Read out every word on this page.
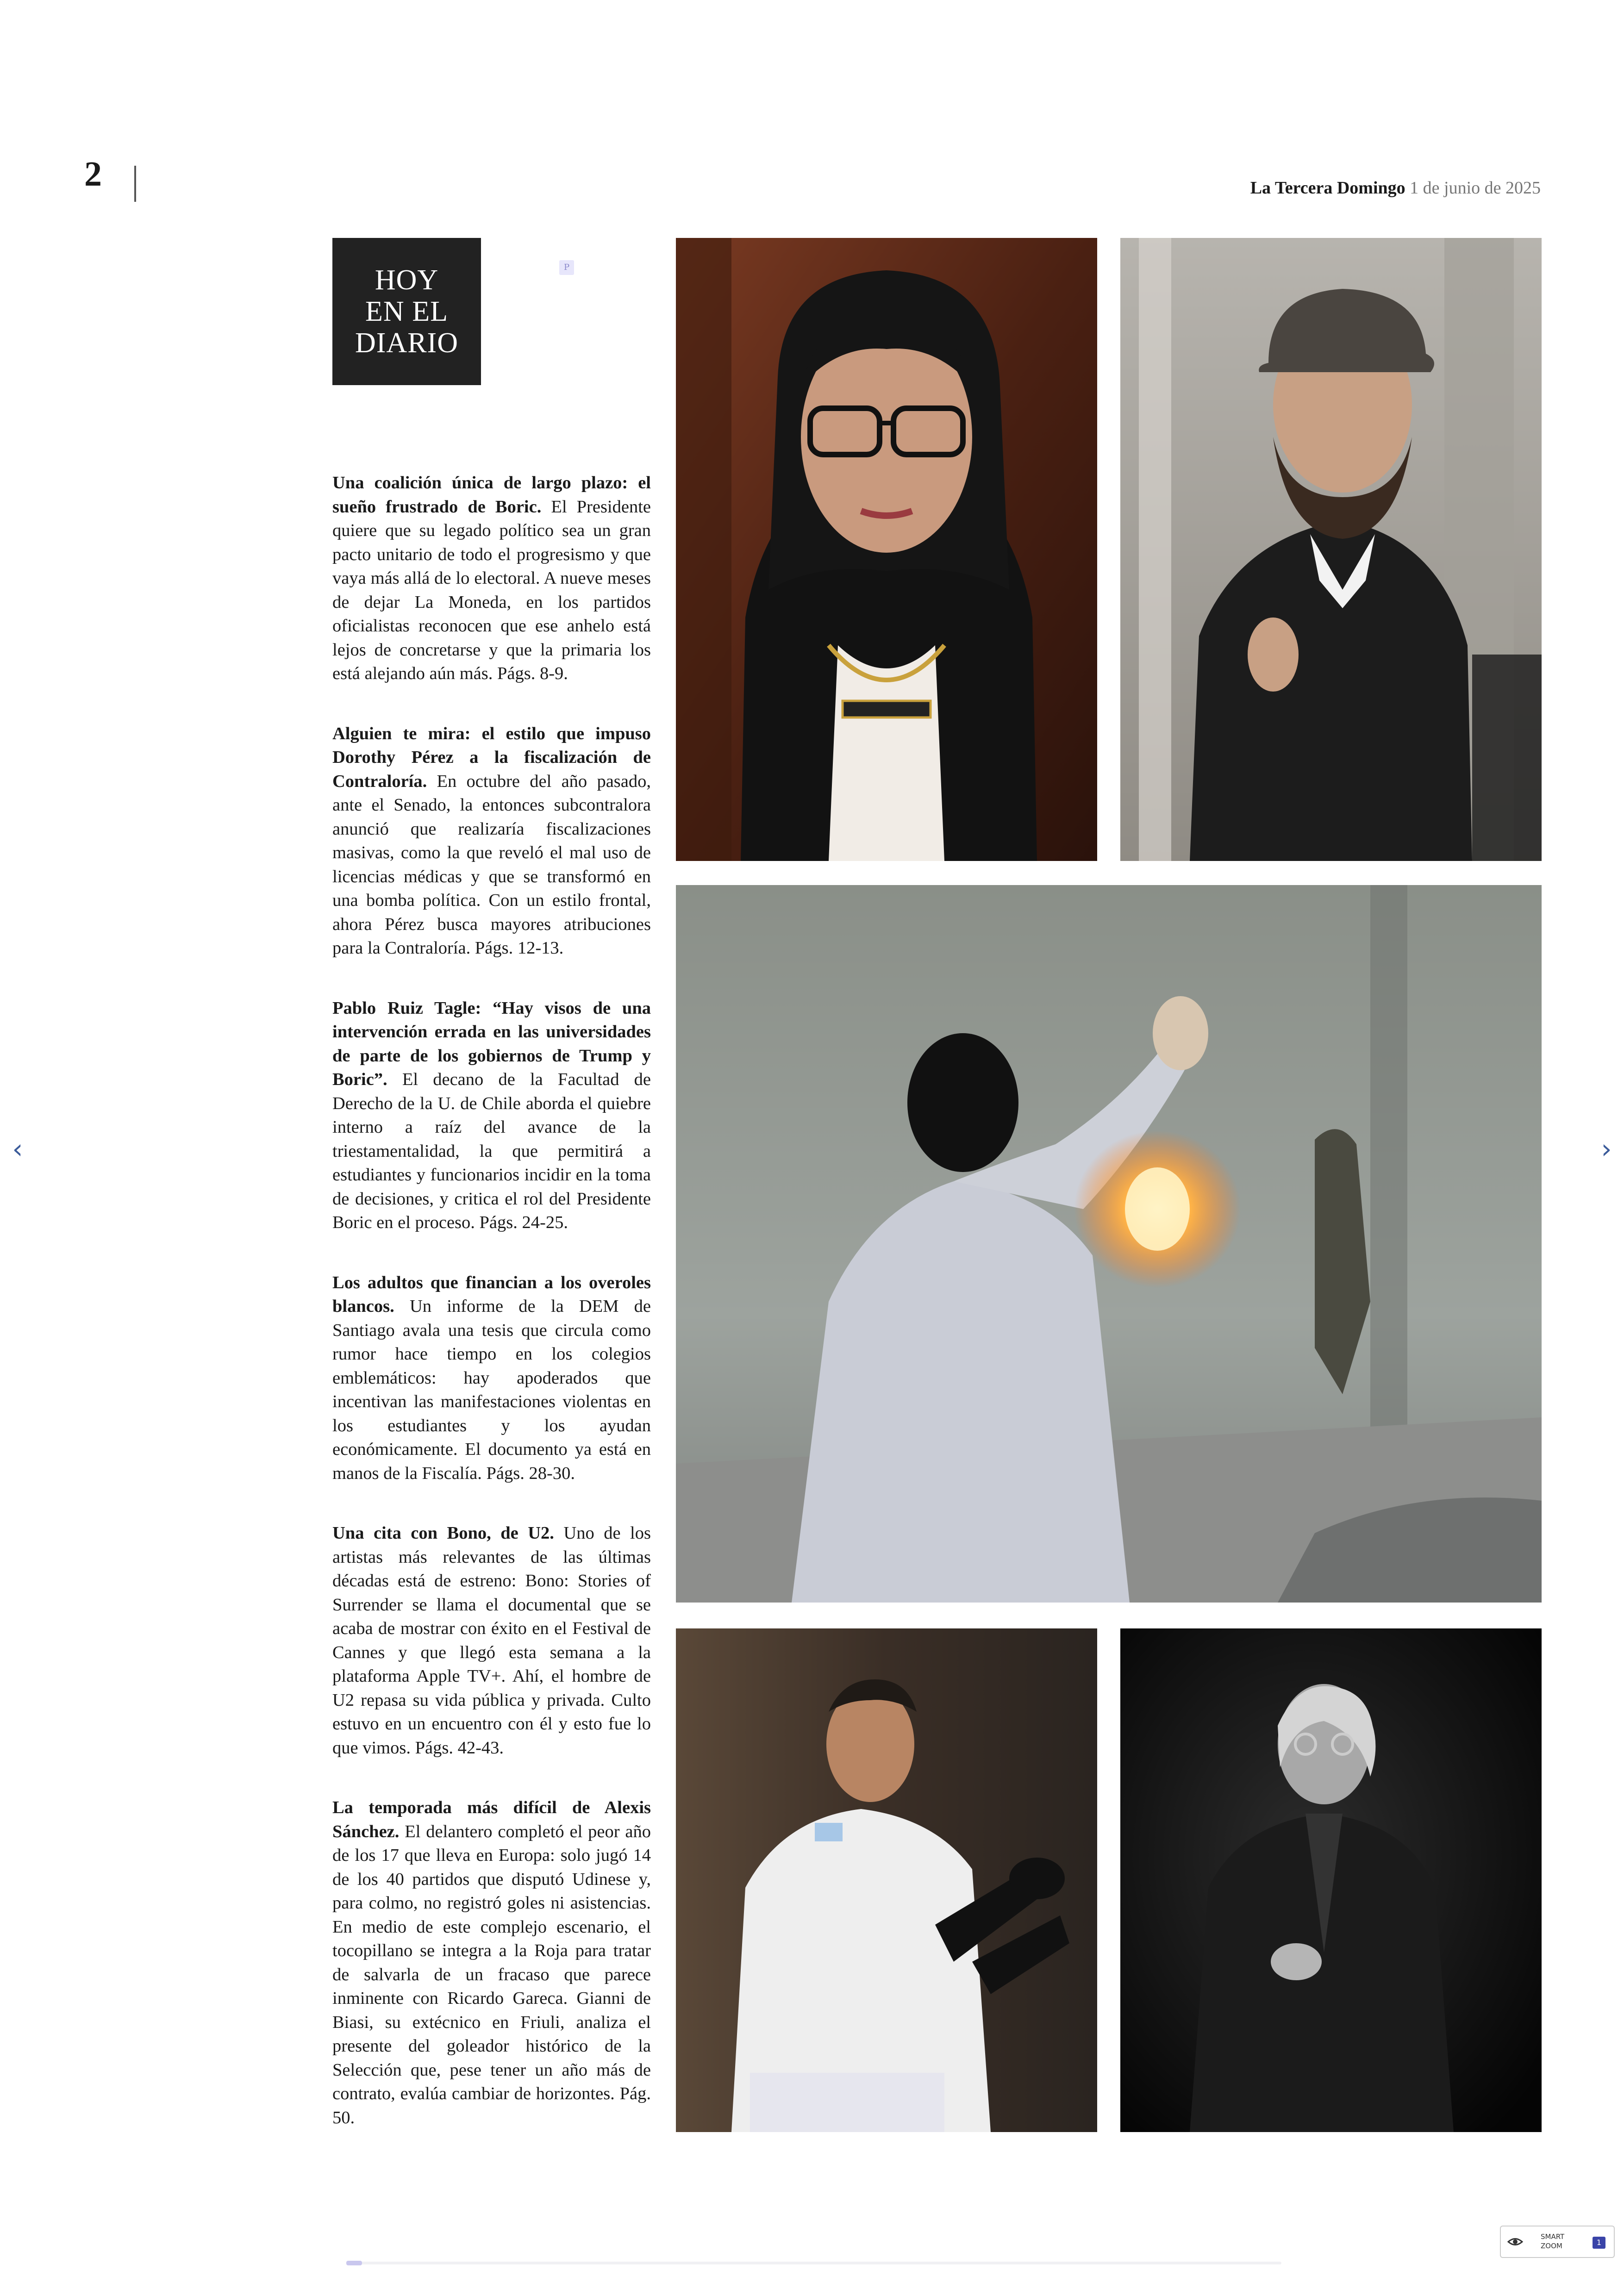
2	La Tercera Domingo 1 de junio de 2025
HOY
EN EL
DIARIO
P

Una coalición única de largo plazo: el sueño frustrado de Boric. El Presidente quiere que su legado político sea un gran pacto unitario de todo el progresismo y que vaya más allá de lo electoral. A nueve meses de dejar La Moneda, en los partidos oficialistas reconocen que ese anhelo está lejos de concretarse y que la primaria los está alejando aún más. Págs. 8-9.

Alguien te mira: el estilo que impuso Dorothy Pérez a la fiscalización de Contraloría. En octubre del año pasado, ante el Senado, la entonces subcontralora anunció que realizaría fiscalizaciones masivas, como la que reveló el mal uso de licencias médicas y que se transformó en una bomba política. Con un estilo frontal, ahora Pérez busca mayores atribuciones para la Contraloría. Págs. 12-13.

Pablo Ruiz Tagle: “Hay visos de una intervención errada en las universidades de parte de los gobiernos de Trump y Boric”. El decano de la Facultad de Derecho de la U. de Chile aborda el quiebre interno a raíz del avance de la triestamentalidad, la que permitirá a estudiantes y funcionarios incidir en la toma de decisiones, y critica el rol del Presidente Boric en el proceso. Págs. 24-25.

Los adultos que financian a los overoles blancos. Un informe de la DEM de Santiago avala una tesis que circula como rumor hace tiempo en los colegios emblemáticos: hay apoderados que incentivan las manifestaciones violentas en los estudiantes y los ayudan económicamente. El documento ya está en manos de la Fiscalía. Págs. 28-30.

Una cita con Bono, de U2. Uno de los artistas más relevantes de las últimas décadas está de estreno: Bono: Stories of Surrender se llama el documental que se acaba de mostrar con éxito en el Festival de Cannes y que llegó esta semana a la plataforma Apple TV+. Ahí, el hombre de U2 repasa su vida pública y privada. Culto estuvo en un encuentro con él y esto fue lo que vimos. Págs. 42-43.

La temporada más difícil de Alexis Sánchez. El delantero completó el peor año de los 17 que lleva en Europa: solo jugó 14 de los 40 partidos que disputó Udinese y, para colmo, no registró goles ni asistencias. En medio de este complejo escenario, el tocopillano se integra a la Roja para tratar de salvarla de un fracaso que parece inminente con Ricardo Gareca. Gianni de Biasi, su extécnico en Friuli, analiza el presente del goleador histórico de la Selección que, pese tener un año más de contrato, evalúa cambiar de horizontes. Pág. 50.

‹	›
SMART
ZOOM	1
